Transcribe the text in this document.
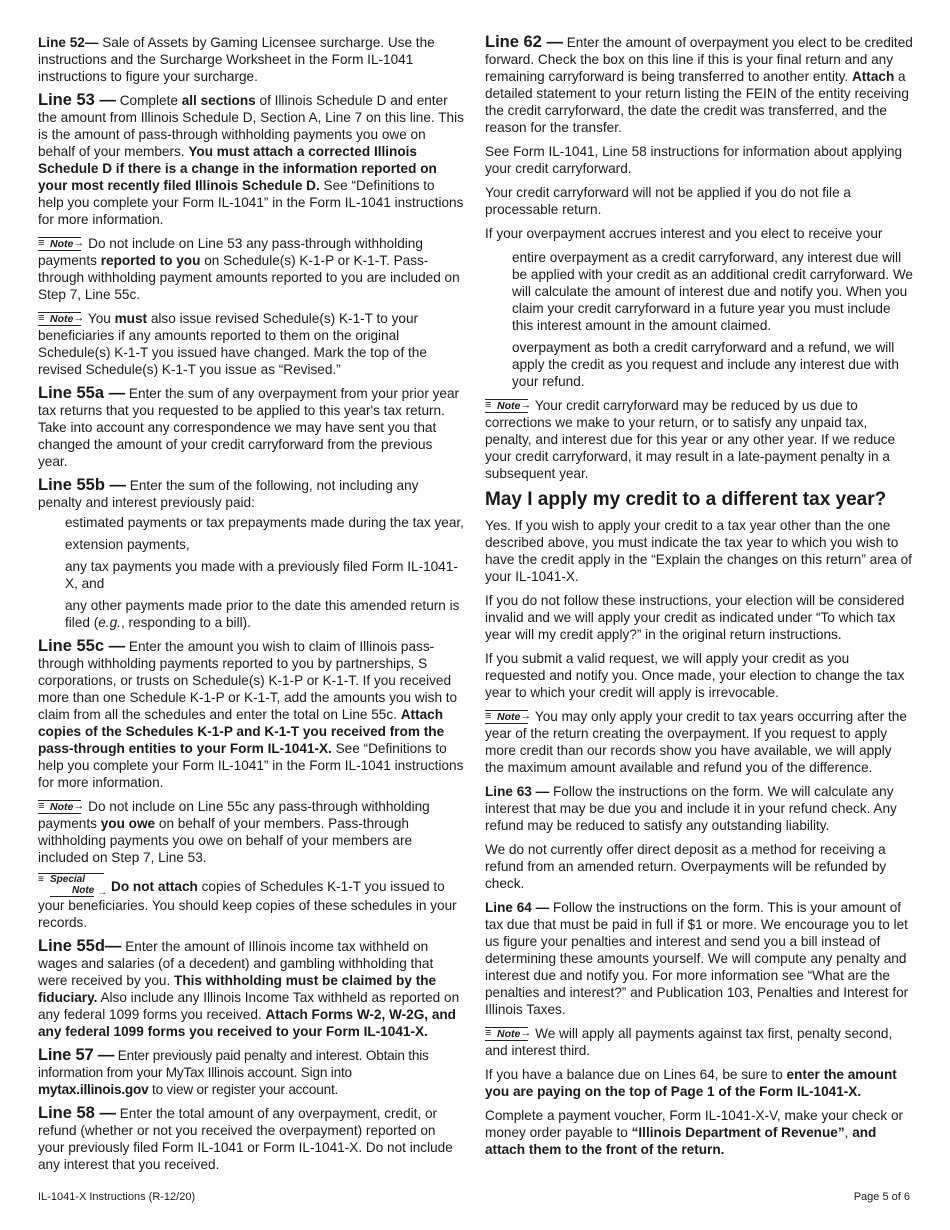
Line 52— Sale of Assets by Gaming Licensee surcharge. Use the instructions and the Surcharge Worksheet in the Form IL-1041 instructions to figure your surcharge.

Line 53 — Complete all sections of Illinois Schedule D and enter the amount from Illinois Schedule D, Section A, Line 7 on this line. This is the amount of pass-through withholding payments you owe on behalf of your members. You must attach a corrected Illinois Schedule D if there is a change in the information reported on your most recently filed Illinois Schedule D. See “Definitions to help you complete your Form IL-1041” in the Form IL-1041 instructions for more information.

≡ Note → Do not include on Line 53 any pass-through withholding payments reported to you on Schedule(s) K-1-P or K-1-T. Pass-through withholding payment amounts reported to you are included on Step 7, Line 55c.

≡ Note → You must also issue revised Schedule(s) K-1-T to your beneficiaries if any amounts reported to them on the original Schedule(s) K-1-T you issued have changed. Mark the top of the revised Schedule(s) K-1-T you issue as “Revised.”

Line 55a — Enter the sum of any overpayment from your prior year tax returns that you requested to be applied to this year's tax return. Take into account any correspondence we may have sent you that changed the amount of your credit carryforward from the previous year.

Line 55b — Enter the sum of the following, not including any penalty and interest previously paid:

estimated payments or tax prepayments made during the tax year,
extension payments,
any tax payments you made with a previously filed Form IL-1041-X, and
any other payments made prior to the date this amended return is filed (e.g., responding to a bill).

Line 55c — Enter the amount you wish to claim of Illinois pass-through withholding payments reported to you by partnerships, S corporations, or trusts on Schedule(s) K-1-P or K-1-T. If you received more than one Schedule K-1-P or K-1-T, add the amounts you wish to claim from all the schedules and enter the total on Line 55c. Attach copies of the Schedules K-1-P and K-1-T you received from the pass-through entities to your Form IL-1041-X. See “Definitions to help you complete your Form IL-1041” in the Form IL-1041 instructions for more information.

≡ Note → Do not include on Line 55c any pass-through withholding payments you owe on behalf of your members. Pass-through withholding payments you owe on behalf of your members are included on Step 7, Line 53.

≡ Special
Note
→ Do not attach copies of Schedules K-1-T you issued to your beneficiaries. You should keep copies of these schedules in your records.

Line 55d— Enter the amount of Illinois income tax withheld on wages and salaries (of a decedent) and gambling withholding that were received by you. This withholding must be claimed by the fiduciary. Also include any Illinois Income Tax withheld as reported on any federal 1099 forms you received. Attach Forms W-2, W-2G, and any federal 1099 forms you received to your Form IL-1041-X.

Line 57 — Enter previously paid penalty and interest. Obtain this information from your MyTax Illinois account. Sign into mytax.illinois.gov to view or register your account.

Line 58 — Enter the total amount of any overpayment, credit, or refund (whether or not you received the overpayment) reported on your previously filed Form IL-1041 or Form IL-1041-X. Do not include any interest that you received.

Line 62 — Enter the amount of overpayment you elect to be credited forward. Check the box on this line if this is your final return and any remaining carryforward is being transferred to another entity. Attach a detailed statement to your return listing the FEIN of the entity receiving the credit carryforward, the date the credit was transferred, and the reason for the transfer.

See Form IL-1041, Line 58 instructions for information about applying your credit carryforward.

Your credit carryforward will not be applied if you do not file a processable return.

If your overpayment accrues interest and you elect to receive your

entire overpayment as a credit carryforward, any interest due will be applied with your credit as an additional credit carryforward. We will calculate the amount of interest due and notify you. When you claim your credit carryforward in a future year you must include this interest amount in the amount claimed.
overpayment as both a credit carryforward and a refund, we will apply the credit as you request and include any interest due with your refund.

≡ Note → Your credit carryforward may be reduced by us due to corrections we make to your return, or to satisfy any unpaid tax, penalty, and interest due for this year or any other year. If we reduce your credit carryforward, it may result in a late-payment penalty in a subsequent year.

May I apply my credit to a different tax year?

Yes. If you wish to apply your credit to a tax year other than the one described above, you must indicate the tax year to which you wish to have the credit apply in the “Explain the changes on this return” area of your IL-1041-X.

If you do not follow these instructions, your election will be considered invalid and we will apply your credit as indicated under “To which tax year will my credit apply?” in the original return instructions.

If you submit a valid request, we will apply your credit as you requested and notify you. Once made, your election to change the tax year to which your credit will apply is irrevocable.

≡ Note → You may only apply your credit to tax years occurring after the year of the return creating the overpayment. If you request to apply more credit than our records show you have available, we will apply the maximum amount available and refund you of the difference.

Line 63 — Follow the instructions on the form. We will calculate any interest that may be due you and include it in your refund check. Any refund may be reduced to satisfy any outstanding liability.

We do not currently offer direct deposit as a method for receiving a refund from an amended return. Overpayments will be refunded by check.

Line 64 — Follow the instructions on the form. This is your amount of tax due that must be paid in full if $1 or more. We encourage you to let us figure your penalties and interest and send you a bill instead of determining these amounts yourself. We will compute any penalty and interest due and notify you. For more information see “What are the penalties and interest?” and Publication 103, Penalties and Interest for Illinois Taxes.

≡ Note → We will apply all payments against tax first, penalty second, and interest third.

If you have a balance due on Lines 64, be sure to enter the amount you are paying on the top of Page 1 of the Form IL-1041-X.

Complete a payment voucher, Form IL-1041-X-V, make your check or money order payable to “Illinois Department of Revenue”, and attach them to the front of the return.

IL-1041-X Instructions (R-12/20)	Page 5 of 6
